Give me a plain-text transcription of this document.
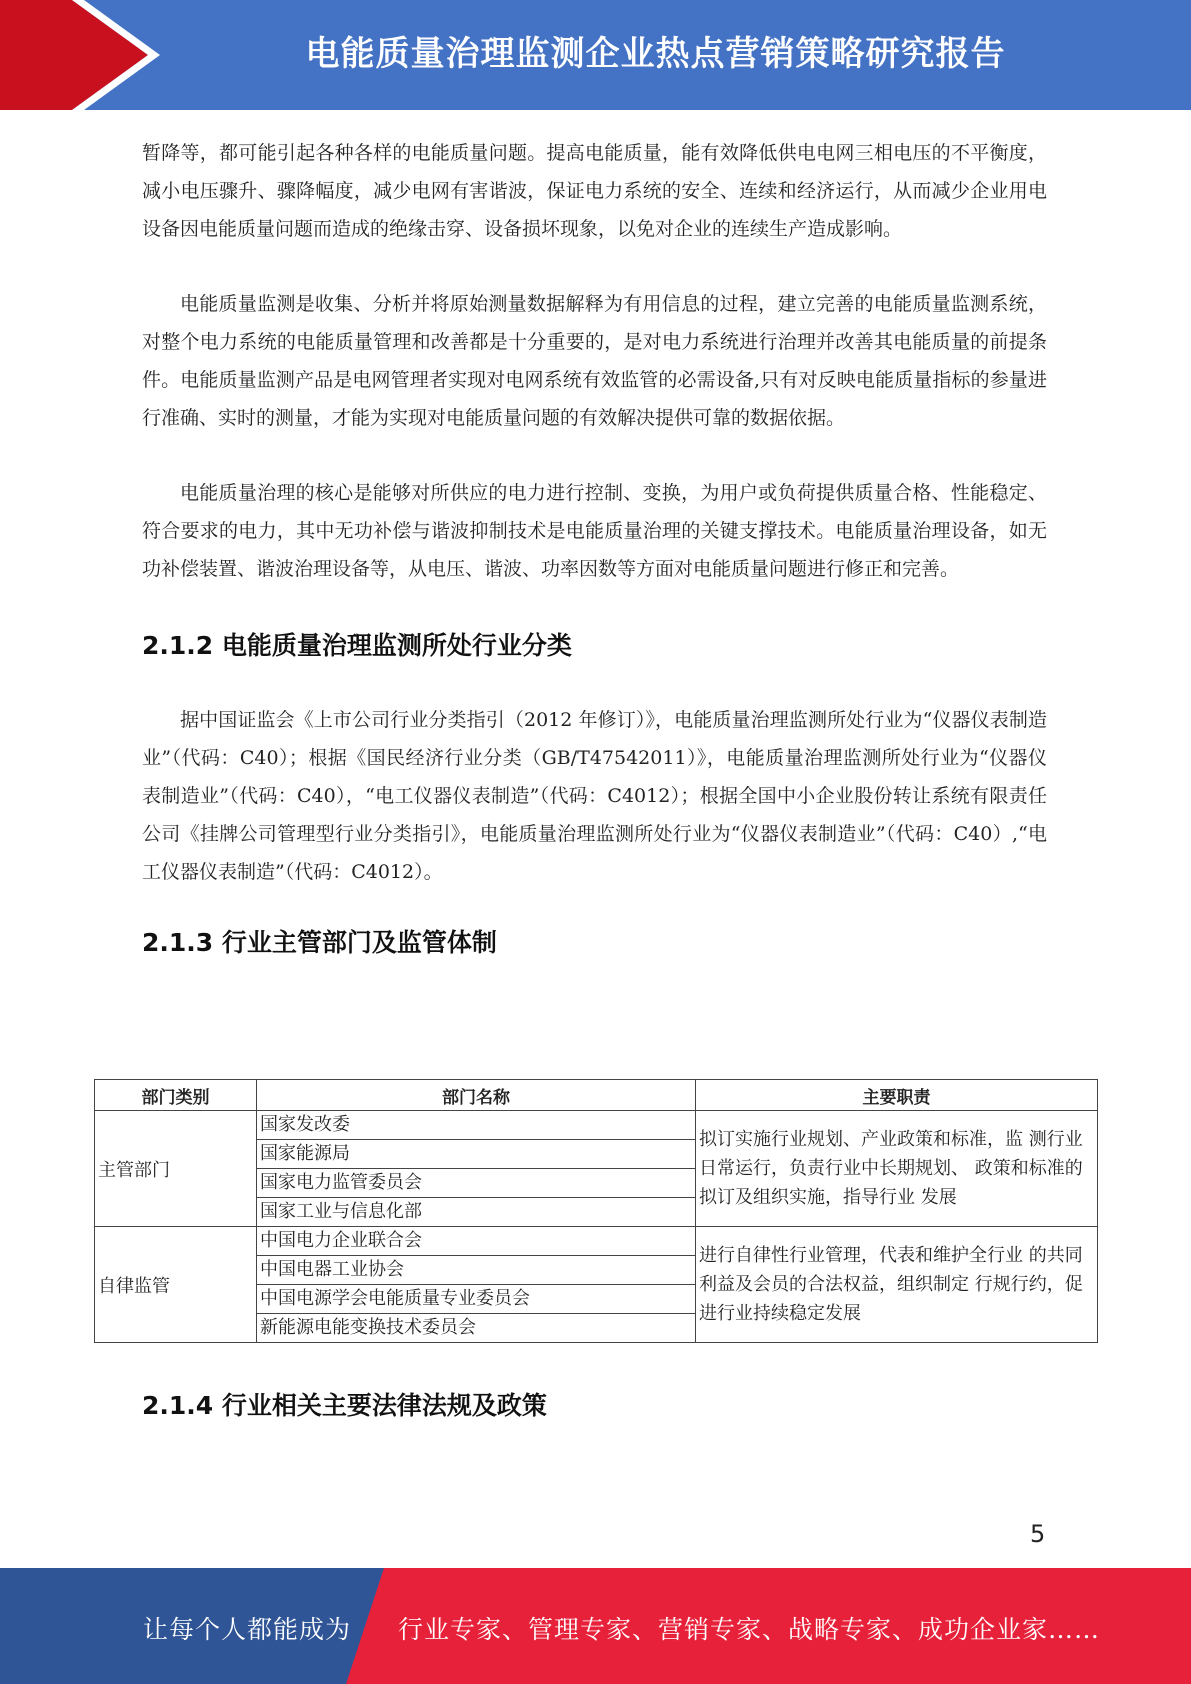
电能质量治理监测企业热点营销策略研究报告

暂降等，都可能引起各种各样的电能质量问题。提高电能质量，能有效降低供电电网三相电压的不平衡度，减小电压骤升、骤降幅度，减少电网有害谐波，保证电力系统的安全、连续和经济运行，从而减少企业用电设备因电能质量问题而造成的绝缘击穿、设备损坏现象，以免对企业的连续生产造成影响。

电能质量监测是收集、分析并将原始测量数据解释为有用信息的过程，建立完善的电能质量监测系统，对整个电力系统的电能质量管理和改善都是十分重要的，是对电力系统进行治理并改善其电能质量的前提条件。电能质量监测产品是电网管理者实现对电网系统有效监管的必需设备,只有对反映电能质量指标的参量进行准确、实时的测量，才能为实现对电能质量问题的有效解决提供可靠的数据依据。

电能质量治理的核心是能够对所供应的电力进行控制、变换，为用户或负荷提供质量合格、性能稳定、符合要求的电力，其中无功补偿与谐波抑制技术是电能质量治理的关键支撑技术。电能质量治理设备，如无功补偿装置、谐波治理设备等，从电压、谐波、功率因数等方面对电能质量问题进行修正和完善。

2.1.2 电能质量治理监测所处行业分类

据中国证监会《上市公司行业分类指引（2012 年修订）》，电能质量治理监测所处行业为“仪器仪表制造业”（代码：C40）；根据《国民经济行业分类（GB/T47542011）》，电能质量治理监测所处行业为“仪器仪表制造业”（代码：C40），“电工仪器仪表制造”（代码：C4012）；根据全国中小企业股份转让系统有限责任公司《挂牌公司管理型行业分类指引》，电能质量治理监测所处行业为“仪器仪表制造业”（代码：C40）,“电工仪器仪表制造”（代码：C4012）。

2.1.3 行业主管部门及监管体制
部门类别	部门名称	主要职责
主管部门	国家发改委	拟订实施行业规划、产业政策和标准，监 测行业日常运行，负责行业中长期规划、 政策和标准的拟订及组织实施，指导行业 发展
	国家能源局	
	国家电力监管委员会	
	国家工业与信息化部	
自律监管	中国电力企业联合会	进行自律性行业管理，代表和维护全行业 的共同利益及会员的合法权益，组织制定 行规行约，促进行业持续稳定发展
	中国电器工业协会	
	中国电源学会电能质量专业委员会	
	新能源电能变换技术委员会	
2.1.4 行业相关主要法律法规及政策
5
让每个人都能成为 行业专家、管理专家、营销专家、战略专家、成功企业家……
